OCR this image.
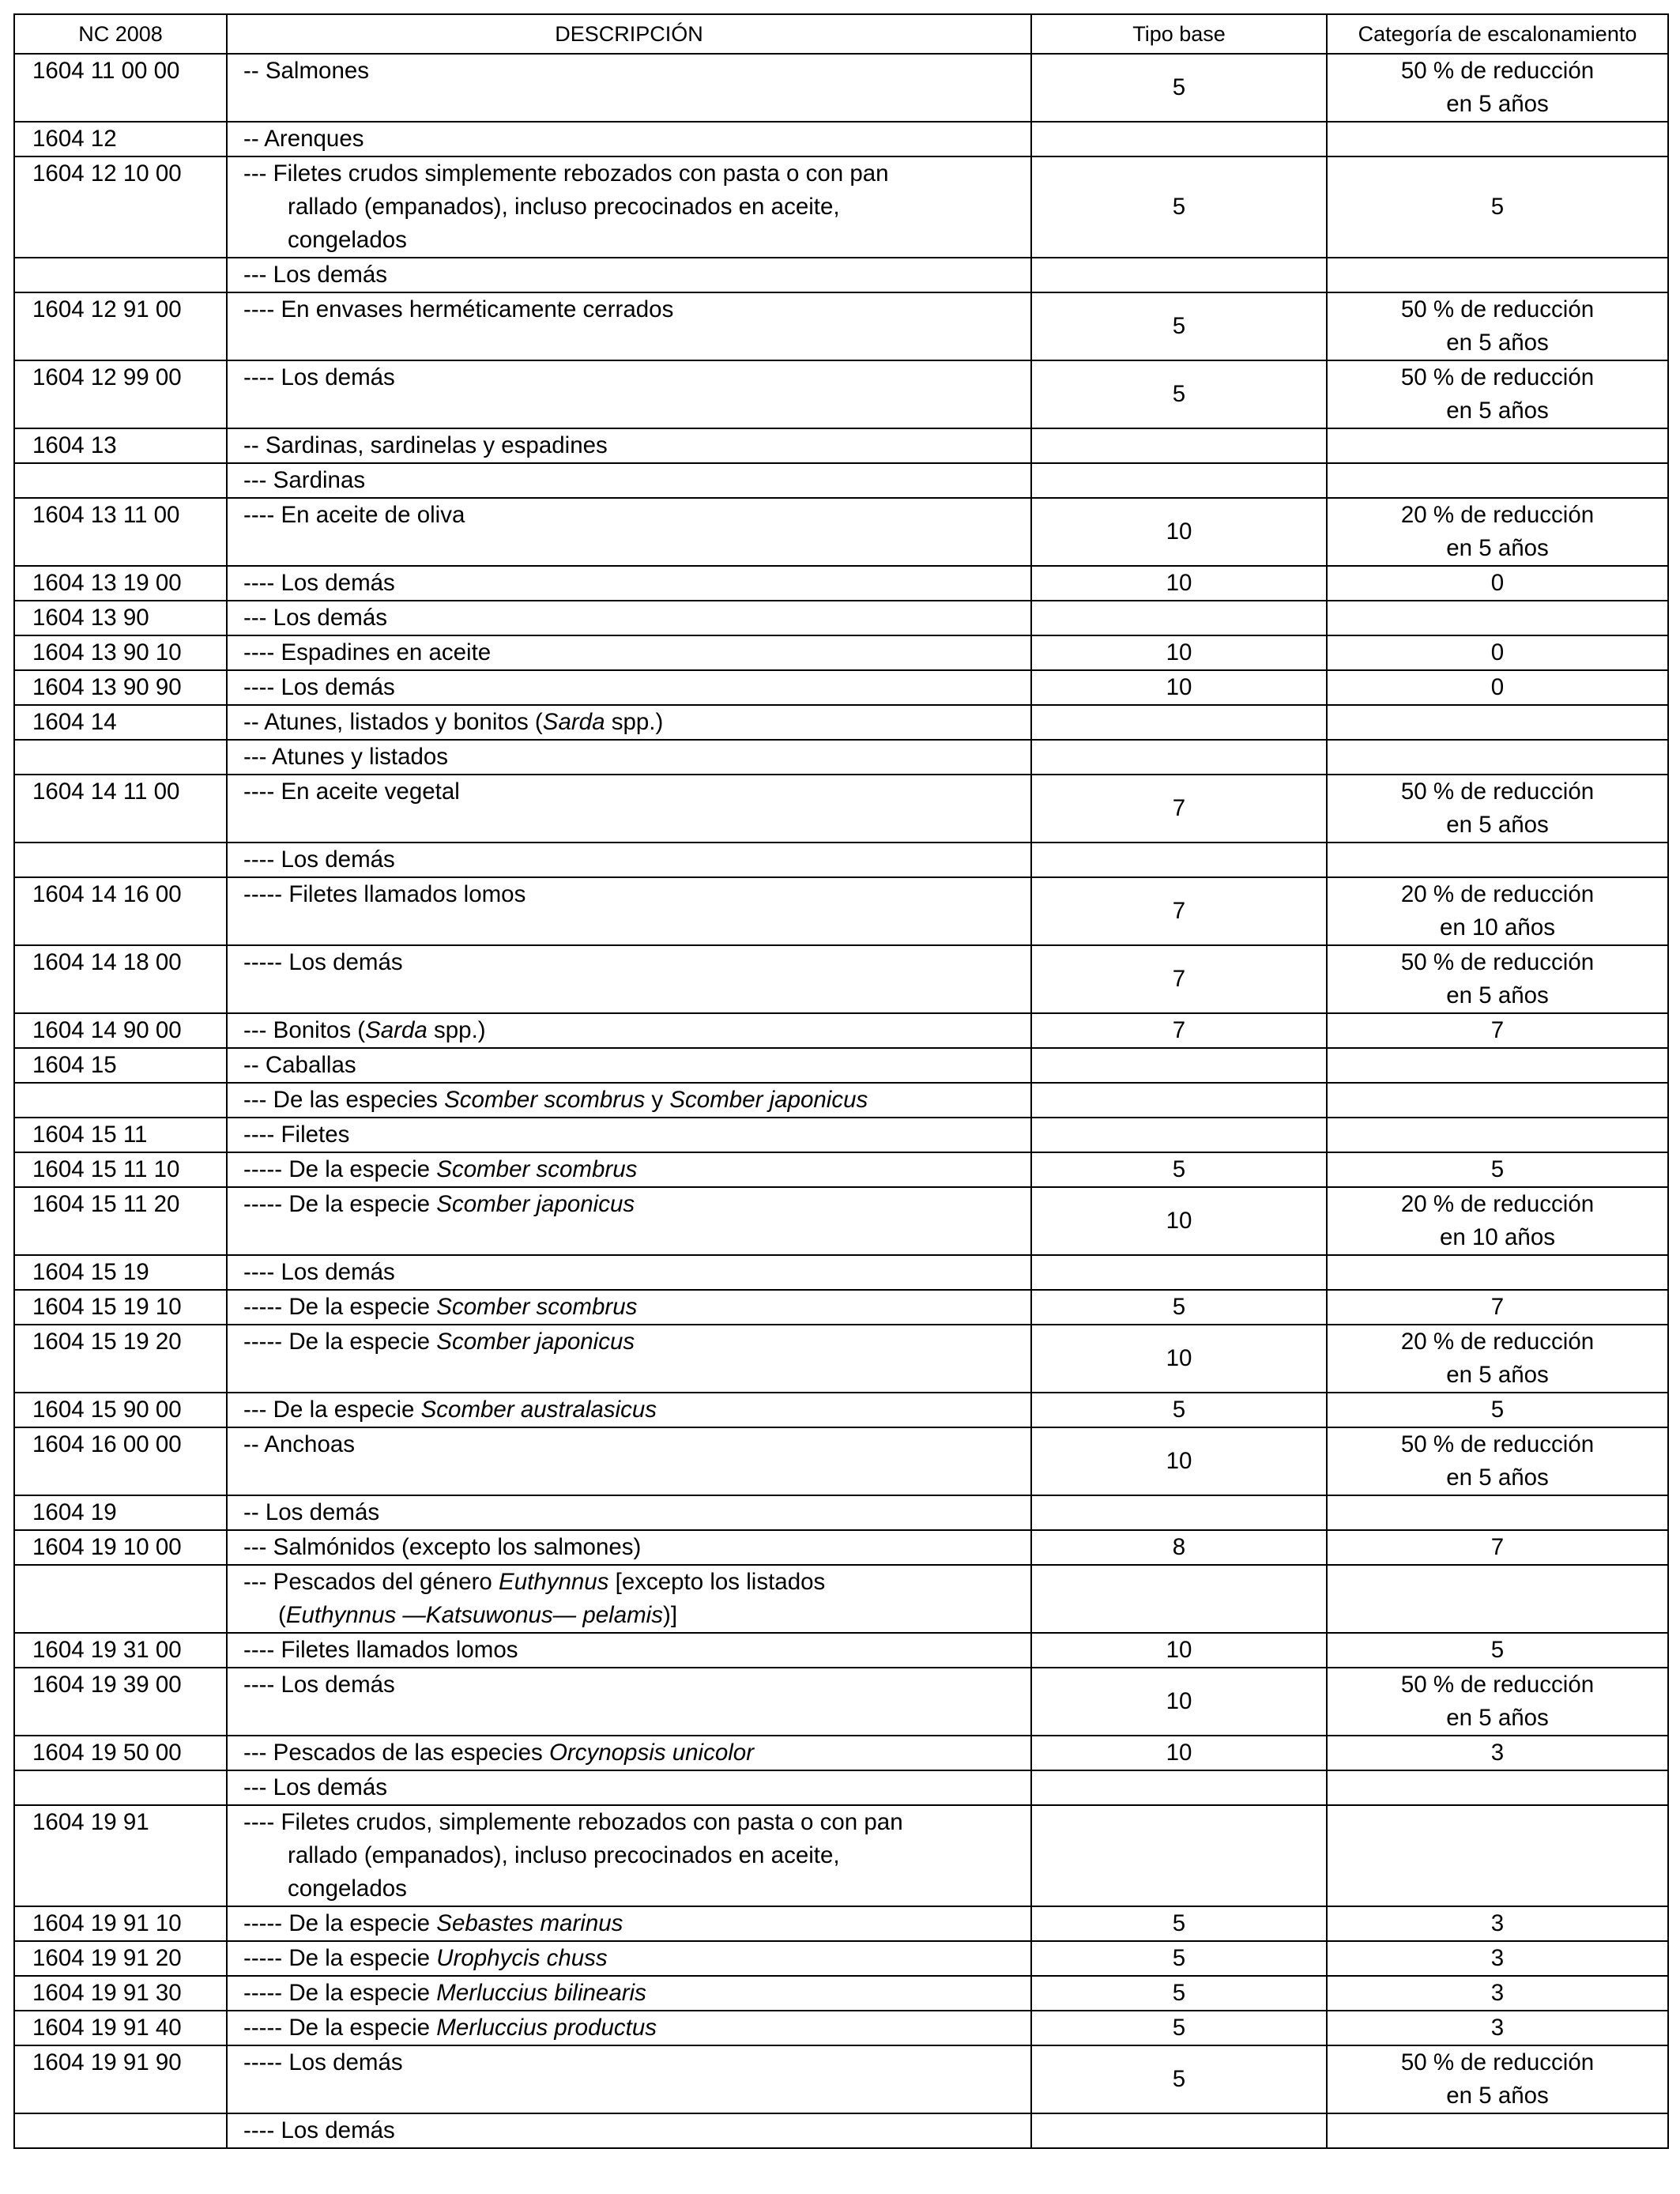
NC 2008	DESCRIPCIÓN	Tipo base	Categoría de escalonamiento
1604 11 00 00	-- Salmones	5	50 % de reducción
en 5 años

1604 12	-- Arenques		

1604 12 10 00	--- Filetes crudos simplemente rebozados con pasta o con pan
rallado (empanados), incluso precocinados en aceite,
congelados	5	5

	--- Los demás		

1604 12 91 00	---- En envases herméticamente cerrados	5	50 % de reducción
en 5 años

1604 12 99 00	---- Los demás	5	50 % de reducción
en 5 años

1604 13	-- Sardinas, sardinelas y espadines		

	--- Sardinas		

1604 13 11 00	---- En aceite de oliva	10	20 % de reducción
en 5 años

1604 13 19 00	---- Los demás	10	0

1604 13 90	--- Los demás		

1604 13 90 10	---- Espadines en aceite	10	0

1604 13 90 90	---- Los demás	10	0

1604 14	-- Atunes, listados y bonitos (Sarda spp.)		

	--- Atunes y listados		

1604 14 11 00	---- En aceite vegetal	7	50 % de reducción
en 5 años

	---- Los demás		

1604 14 16 00	----- Filetes llamados lomos	7	20 % de reducción
en 10 años

1604 14 18 00	----- Los demás	7	50 % de reducción
en 5 años

1604 14 90 00	--- Bonitos (Sarda spp.)	7	7

1604 15	-- Caballas		

	--- De las especies Scomber scombrus y Scomber japonicus		

1604 15 11	---- Filetes		

1604 15 11 10	----- De la especie Scomber scombrus	5	5

1604 15 11 20	----- De la especie Scomber japonicus	10	20 % de reducción
en 10 años

1604 15 19	---- Los demás		

1604 15 19 10	----- De la especie Scomber scombrus	5	7

1604 15 19 20	----- De la especie Scomber japonicus	10	20 % de reducción
en 5 años

1604 15 90 00	--- De la especie Scomber australasicus	5	5

1604 16 00 00	-- Anchoas	10	50 % de reducción
en 5 años

1604 19	-- Los demás		

1604 19 10 00	--- Salmónidos (excepto los salmones)	8	7

	--- Pescados del género Euthynnus [excepto los listados
(Euthynnus —Katsuwonus— pelamis)]		

1604 19 31 00	---- Filetes llamados lomos	10	5

1604 19 39 00	---- Los demás	10	50 % de reducción
en 5 años

1604 19 50 00	--- Pescados de las especies Orcynopsis unicolor	10	3

	--- Los demás		

1604 19 91	---- Filetes crudos, simplemente rebozados con pasta o con pan
rallado (empanados), incluso precocinados en aceite,
congelados		

1604 19 91 10	----- De la especie Sebastes marinus	5	3

1604 19 91 20	----- De la especie Urophycis chuss	5	3

1604 19 91 30	----- De la especie Merluccius bilinearis	5	3

1604 19 91 40	----- De la especie Merluccius productus	5	3

1604 19 91 90	----- Los demás	5	50 % de reducción
en 5 años

	---- Los demás		
